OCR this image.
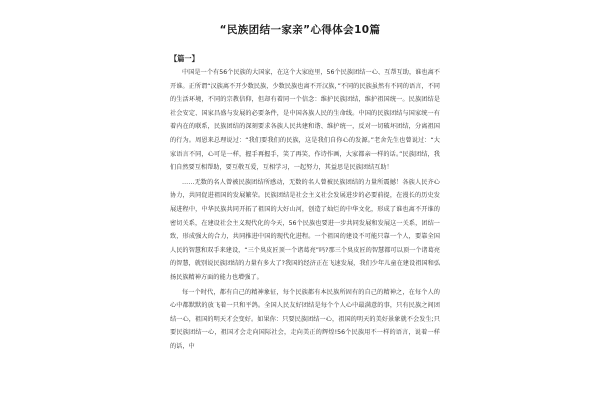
“民族团结一家亲”心得体会10篇
【篇一】

中国是一个有56个民族的大国家，在这个大家庭里，56个民族团结一心、互帮互助，谁也离不开谁。正所谓“汉族离不开少数民族，少数民族也离不开汉族，”不同的民族虽然有不同的语言，不同的生活环境，不同的宗教信仰，但却有着同一个信念：维护民族团结，维护祖国统一。民族团结是社会安定、国家昌盛与发展的必要条件，是中国各族人民的生命线。中国的民族团结与国家统一有着内在的联系，民族团结的深刻要求各族人民共建和谐、维护统一，反对一切破坏团结，分离祖国的行为。周恩来总理说过：“我们要我们的民族，这是我们自你心的发源。”老舍先生也曾说过：“大家语言不同，心可是一样，握手再握手，笑了再笑，作诗作画，大家都亲一样的话。”民族团结，我们自然要互相帮助，要互敬互爱，互相学习，一起努力，其益思是民族团结互助！

……无数的名人曾被民族团结所感动，无数的名人曾被民族团结的力量所震撼！各族人民齐心协力，共同促进祖国的发展繁荣。民族团结是社会主义社会发展进步的必要前提，在漫长的历史发展进程中，中华民族共同开拓了祖国的大好山河，创造了灿烂的中华文化，形成了谁也离不开谁的密切关系，在建设社会主义现代化的今天，56个民族也要进一步共同发展和发展这一关系，团结一致，形成强大的合力，共同推进中国的现代化进程。一个祖国的建设不可能只靠一个人，要靠全国人民的智慧和双手来建设，“三个臭皮匠顶一个诸葛亮”吗?那三个臭皮匠的智慧都可以顶一个诸葛亮的智慧，就别说民族团结的力量有多大了?我国的经济正在飞速发展，我们少年儿童在建设祖国和弘扬民族精神方面的能力也增强了。

每一个时代，都有自己的精神象征，每个民族都有本民族所固有的自己的精神之，在每个人的心中都默默的放飞着一只和平鸽。全国人民友好团结是每个个人心中最满意的事，只有民族之间团结一心，祖国的明天才会变好。如果你：只要民族团结一心，祖国的明天的美好景象就不会发生;只要民族团结一心，祖国才会走向国际社会，走向美正的辉煌!56个民族用不一样的语言，说着一样的话，中
